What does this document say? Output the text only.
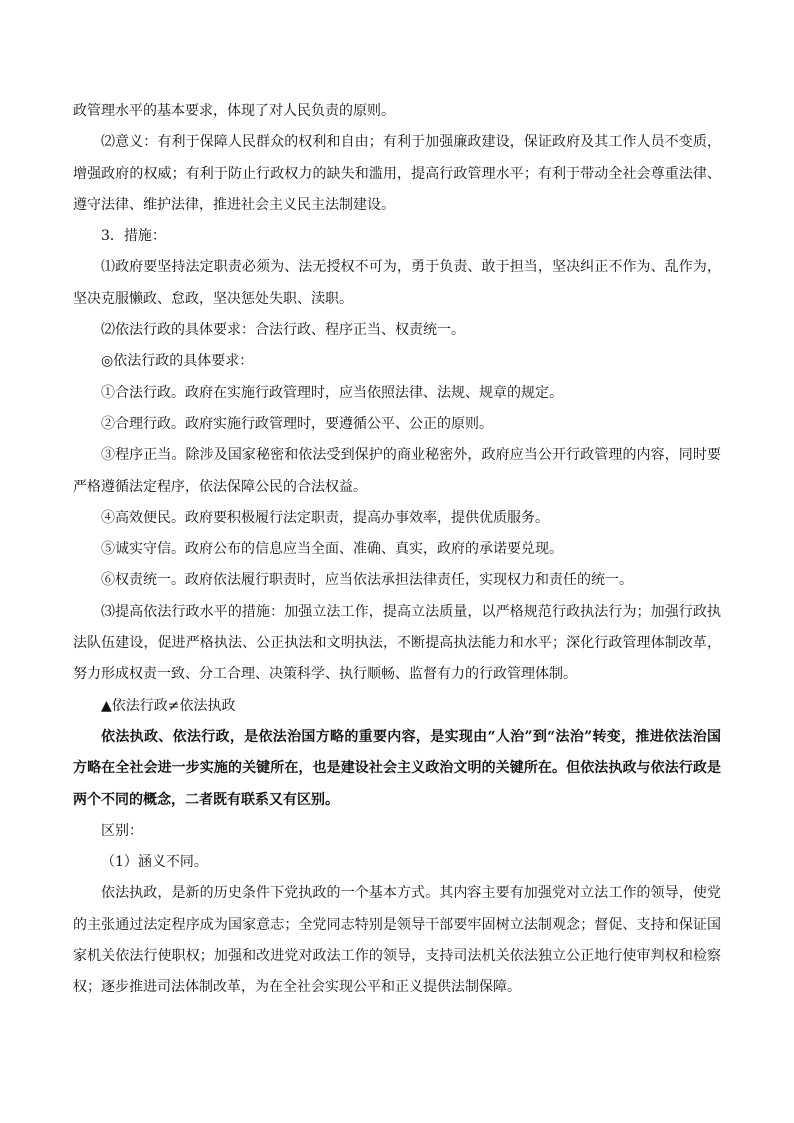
政管理水平的基本要求，体现了对人民负责的原则。

⑵意义：有利于保障人民群众的权利和自由；有利于加强廉政建设，保证政府及其工作人员不变质，增强政府的权威；有利于防止行政权力的缺失和滥用，提高行政管理水平；有利于带动全社会尊重法律、遵守法律、维护法律，推进社会主义民主法制建设。

3．措施：

⑴政府要坚持法定职责必须为、法无授权不可为，勇于负责、敢于担当，坚决纠正不作为、乱作为，坚决克服懒政、怠政，坚决惩处失职、渎职。

⑵依法行政的具体要求：合法行政、程序正当、权责统一。

◎依法行政的具体要求：

①合法行政。政府在实施行政管理时，应当依照法律、法规、规章的规定。

②合理行政。政府实施行政管理时，要遵循公平、公正的原则。

③程序正当。除涉及国家秘密和依法受到保护的商业秘密外，政府应当公开行政管理的内容，同时要严格遵循法定程序，依法保障公民的合法权益。

④高效便民。政府要积极履行法定职责，提高办事效率，提供优质服务。

⑤诚实守信。政府公布的信息应当全面、准确、真实，政府的承诺要兑现。

⑥权责统一。政府依法履行职责时，应当依法承担法律责任，实现权力和责任的统一。

⑶提高依法行政水平的措施：加强立法工作，提高立法质量，以严格规范行政执法行为；加强行政执法队伍建设，促进严格执法、公正执法和文明执法，不断提高执法能力和水平；深化行政管理体制改革，努力形成权责一致、分工合理、决策科学、执行顺畅、监督有力的行政管理体制。

▲依法行政≠依法执政

依法执政、依法行政，是依法治国方略的重要内容，是实现由“人治”到“法治”转变，推进依法治国方略在全社会进一步实施的关键所在，也是建设社会主义政治文明的关键所在。但依法执政与依法行政是两个不同的概念，二者既有联系又有区别。

区别：

（1）涵义不同。

依法执政，是新的历史条件下党执政的一个基本方式。其内容主要有加强党对立法工作的领导，使党的主张通过法定程序成为国家意志；全党同志特别是领导干部要牢固树立法制观念；督促、支持和保证国家机关依法行使职权；加强和改进党对政法工作的领导，支持司法机关依法独立公正地行使审判权和检察权；逐步推进司法体制改革，为在全社会实现公平和正义提供法制保障。
